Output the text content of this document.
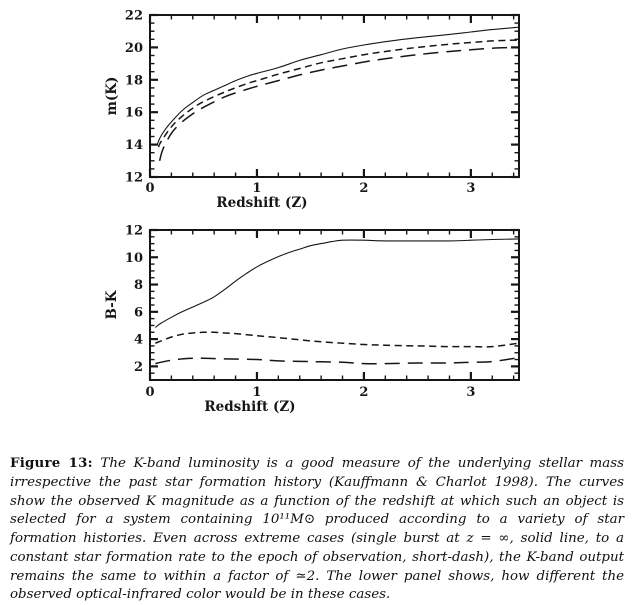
0	1	2	3
12
14
16
18
20
22
Redshift (Z)
m(K)
0	1	2	3
2
4
6
8
10
12
Redshift (Z)
B-K

Figure 13: The K-band luminosity is a good measure of the underlying stellar mass irrespective the past star formation history (Kauffmann & Charlot 1998). The curves show the observed K magnitude as a function of the redshift at which such an object is selected for a system containing 10¹¹M⊙ produced according to a variety of star formation histories. Even across extreme cases (single burst at z = ∞, solid line, to a constant star formation rate to the epoch of observation, short-dash), the K-band output remains the same to within a factor of ≃2. The lower panel shows, how different the observed optical-infrared color would be in these cases.
